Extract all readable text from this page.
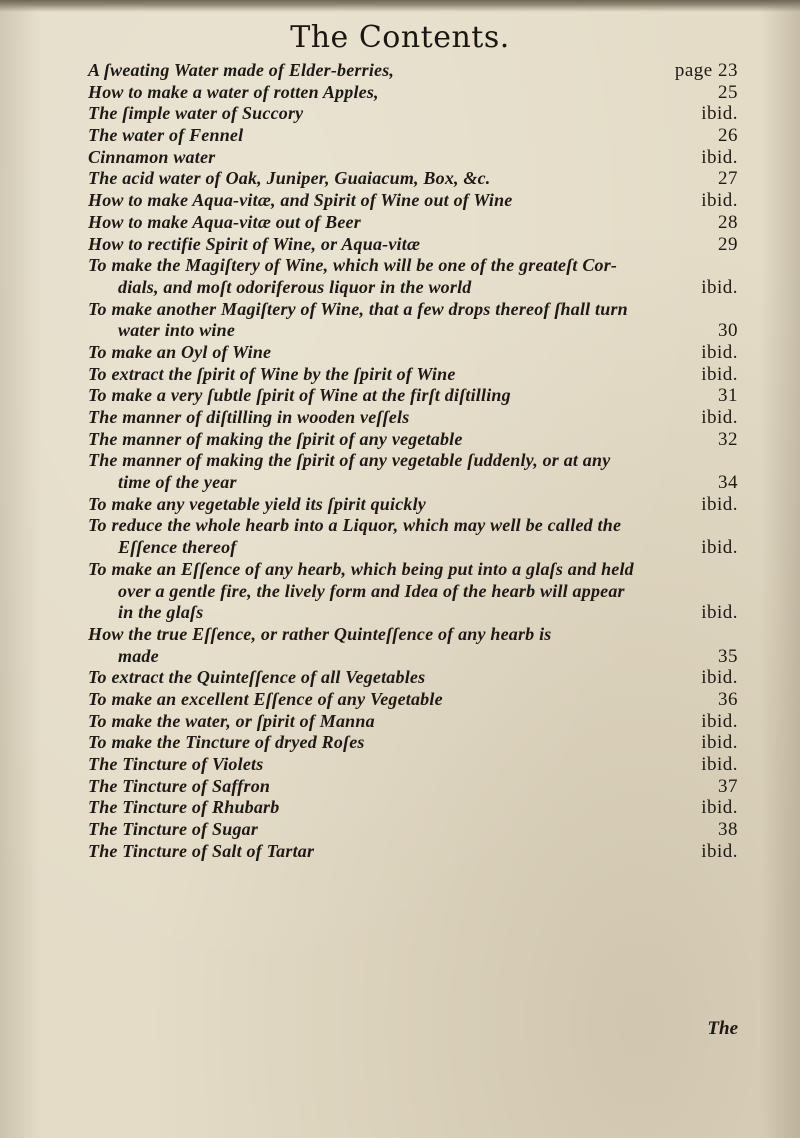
The Contents.
A ſweating Water made of Elder-berries,	page 23
How to make a water of rotten Apples,	25
The ſimple water of Succory	ibid.
The water of Fennel	26
Cinnamon water	ibid.
The acid water of Oak, Juniper, Guaiacum, Box, &c.	27
How to make Aqua-vitæ, and Spirit of Wine out of Wine	ibid.
How to make Aqua-vitæ out of Beer	28
How to rectifie Spirit of Wine, or Aqua-vitæ	29
To make the Magiſtery of Wine, which will be one of the greateſt Cor-
dials, and moſt odoriferous liquor in the world	ibid.
To make another Magiſtery of Wine, that a few drops thereof ſhall turn
water into wine	30
To make an Oyl of Wine	ibid.
To extract the ſpirit of Wine by the ſpirit of Wine	ibid.
To make a very ſubtle ſpirit of Wine at the firſt diſtilling	31
The manner of diſtilling in wooden veſſels	ibid.
The manner of making the ſpirit of any vegetable	32
The manner of making the ſpirit of any vegetable ſuddenly, or at any
time of the year	34
To make any vegetable yield its ſpirit quickly	ibid.
To reduce the whole hearb into a Liquor, which may well be called the
Eſſence thereof	ibid.
To make an Eſſence of any hearb, which being put into a glaſs and held
over a gentle fire, the lively form and Idea of the hearb will appear
in the glaſs	ibid.
How the true Eſſence, or rather Quinteſſence of any hearb is
made	35
To extract the Quinteſſence of all Vegetables	ibid.
To make an excellent Eſſence of any Vegetable	36
To make the water, or ſpirit of Manna	ibid.
To make the Tincture of dryed Roſes	ibid.
The Tincture of Violets	ibid.
The Tincture of Saffron	37
The Tincture of Rhubarb	ibid.
The Tincture of Sugar	38
The Tincture of Salt of Tartar	ibid.
The
